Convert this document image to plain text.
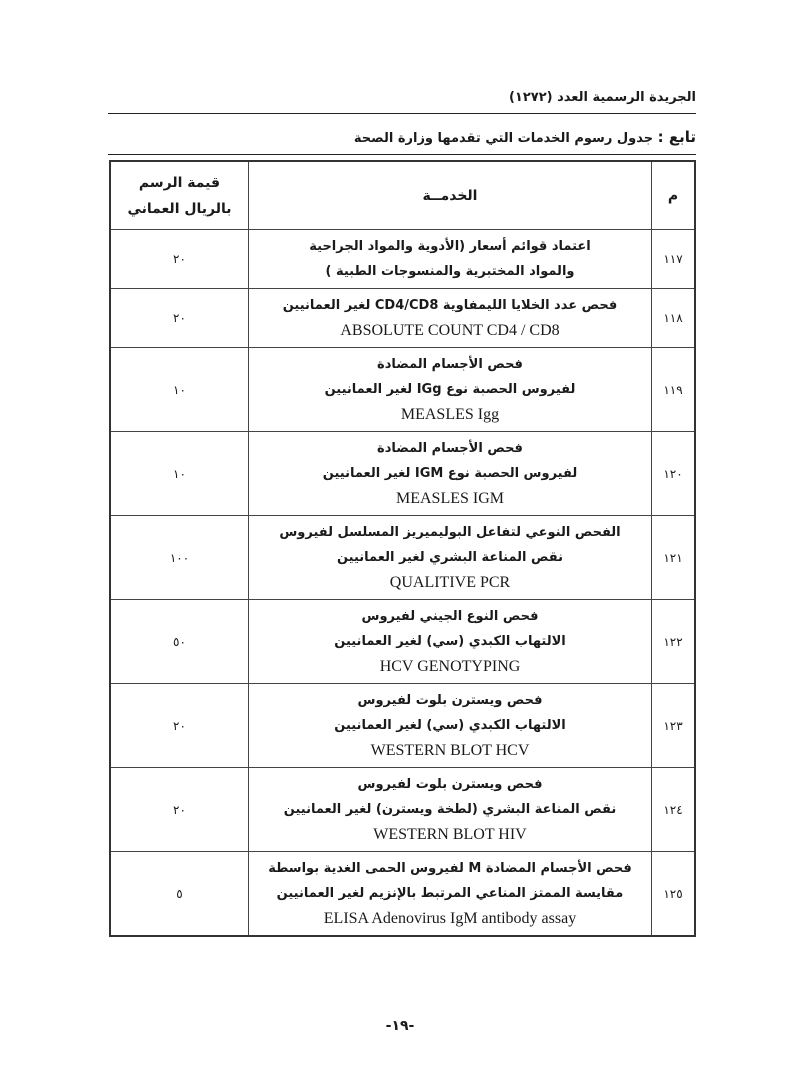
الجريدة الرسمية العدد (١٢٧٢)
تابع : جدول رسوم الخدمات التي تقدمها وزارة الصحة
م	الخدمــة	قيمة الرسم
بالريال العماني

١١٧	اعتماد قوائم أسعار (الأدوية والمواد الجراحية
والمواد المختبرية والمنسوجات الطبية )	٢٠
١١٨	فحص عدد الخلايا الليمفاوية CD4/CD8 لغير العمانيين
ABSOLUTE COUNT CD4 / CD8	٢٠
١١٩	فحص الأجسام المضادة
لفيروس الحصبة نوع IGg لغير العمانيين
MEASLES Igg	١٠
١٢٠	فحص الأجسام المضادة
لفيروس الحصبة نوع IGM لغير العمانيين
MEASLES IGM	١٠
١٢١	الفحص النوعي لتفاعل البوليميريز المسلسل لفيروس
نقص المناعة البشري لغير العمانيين
QUALITIVE PCR	١٠٠
١٢٢	فحص النوع الجيني لفيروس
الالتهاب الكبدي (سي) لغير العمانيين
HCV GENOTYPING	٥٠
١٢٣	فحص ويسترن بلوت لفيروس
الالتهاب الكبدي (سي) لغير العمانيين
WESTERN BLOT HCV	٢٠
١٢٤	فحص ويسترن بلوت لفيروس
نقص المناعة البشري (لطخة ويسترن) لغير العمانيين
WESTERN BLOT HIV	٢٠
١٢٥	فحص الأجسام المضادة M لفيروس الحمى الغدية بواسطة
مقايسة الممتز المناعي المرتبط بالإنزيم لغير العمانيين
ELISA Adenovirus IgM antibody assay	٥
-١٩-
